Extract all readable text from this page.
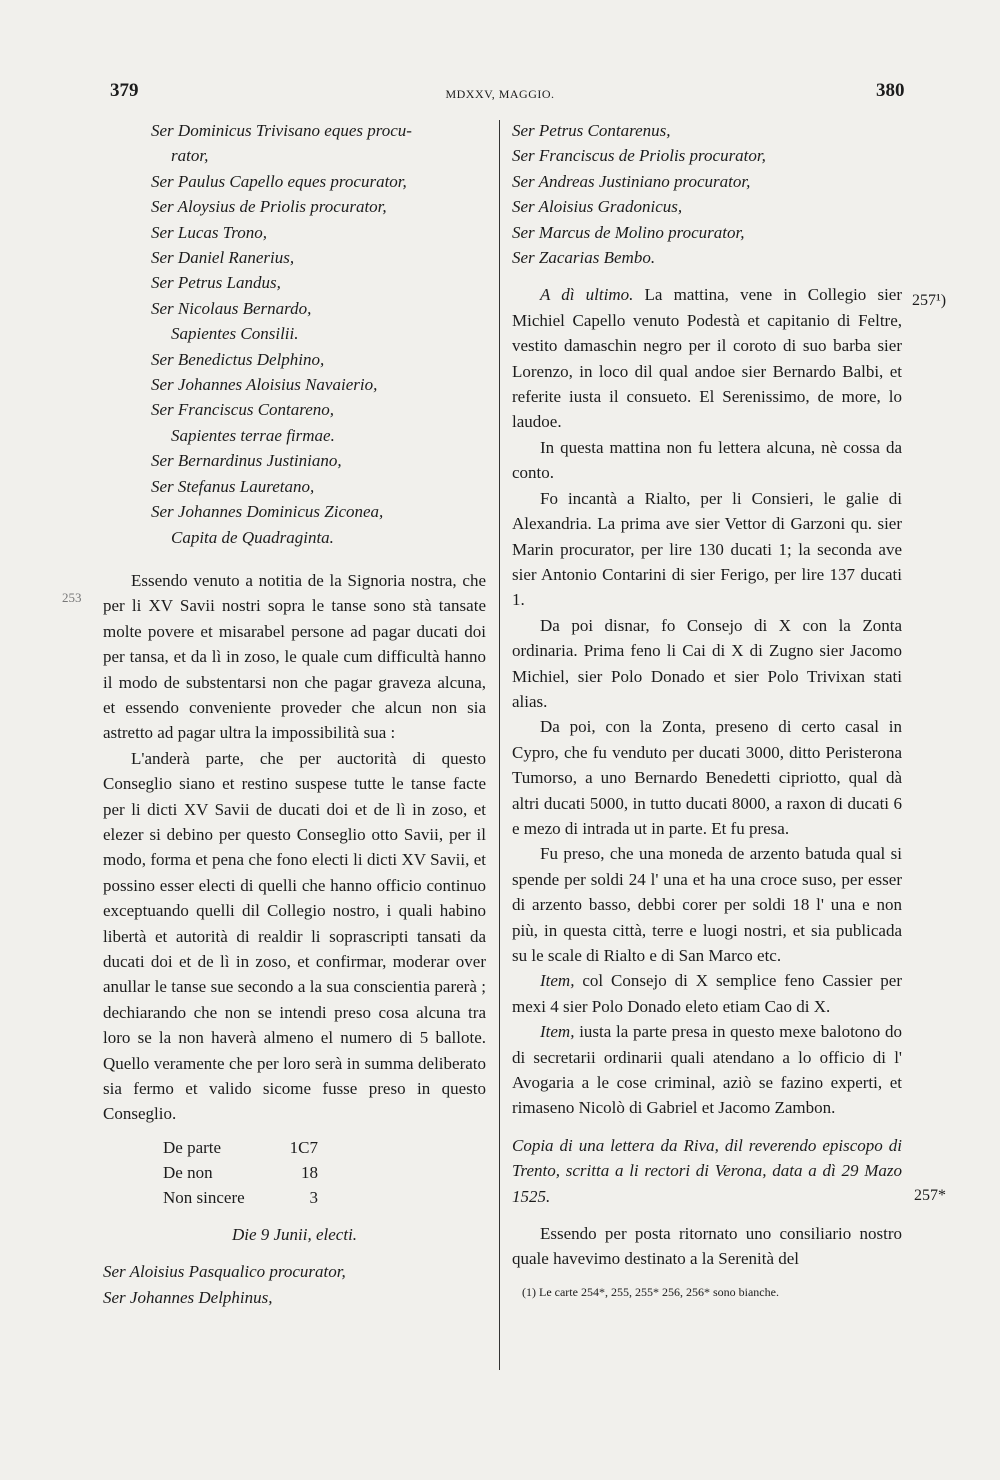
379	MDXXV, MAGGIO.	380
Ser Dominicus Trivisano eques procu-
rator,
Ser Paulus Capello eques procurator,
Ser Aloysius de Priolis procurator,
Ser Lucas Trono,
Ser Daniel Ranerius,
Ser Petrus Landus,
Ser Nicolaus Bernardo,
Sapientes Consilii.
Ser Benedictus Delphino,
Ser Johannes Aloisius Navaierio,
Ser Franciscus Contareno,
Sapientes terrae firmae.
Ser Bernardinus Justiniano,
Ser Stefanus Lauretano,
Ser Johannes Dominicus Ziconea,
Capita de Quadraginta.

Essendo venuto a notitia de la Signoria nostra, che per li XV Savii nostri sopra le tanse sono stà tansate molte povere et misarabel persone ad pagar ducati doi per tansa, et da lì in zoso, le quale cum difficultà hanno il modo de substentarsi non che pagar graveza alcuna, et essendo conveniente proveder che alcun non sia astretto ad pagar ultra la impossibilità sua :

L'anderà parte, che per auctorità di questo Conseglio siano et restino suspese tutte le tanse facte per li dicti XV Savii de ducati doi et de lì in zoso, et elezer si debino per questo Conseglio otto Savii, per il modo, forma et pena che fono electi li dicti XV Savii, et possino esser electi di quelli che hanno officio continuo exceptuando quelli dil Collegio nostro, i quali habino libertà et autorità di realdir li soprascripti tansati da ducati doi et de lì in zoso, et confirmar, moderar over anullar le tanse sue secondo a la sua conscientia parerà ; dechiarando che non se intendi preso cosa alcuna tra loro se la non haverà almeno el numero di 5 ballote. Quello veramente che per loro serà in summa deliberato sia fermo et valido sicome fusse preso in questo Conseglio.

De parte	1C7
De non	18
Non sincere	3
Die 9 Junii, electi.
Ser Aloisius Pasqualico procurator,
Ser Johannes Delphinus,
253
Ser Petrus Contarenus,
Ser Franciscus de Priolis procurator,
Ser Andreas Justiniano procurator,
Ser Aloisius Gradonicus,
Ser Marcus de Molino procurator,
Ser Zacarias Bembo.

A dì ultimo. La mattina, vene in Collegio sier Michiel Capello venuto Podestà et capitanio di Feltre, vestito damaschin negro per il coroto di suo barba sier Lorenzo, in loco dil qual andoe sier Bernardo Balbi, et referite iusta il consueto. El Serenissimo, de more, lo laudoe.

In questa mattina non fu lettera alcuna, nè cossa da conto.

Fo incantà a Rialto, per li Consieri, le galie di Alexandria. La prima ave sier Vettor di Garzoni qu. sier Marin procurator, per lire 130 ducati 1; la seconda ave sier Antonio Contarini di sier Ferigo, per lire 137 ducati 1.

Da poi disnar, fo Consejo di X con la Zonta ordinaria. Prima feno li Cai di X di Zugno sier Jacomo Michiel, sier Polo Donado et sier Polo Trivixan stati alias.

Da poi, con la Zonta, preseno di certo casal in Cypro, che fu venduto per ducati 3000, ditto Peristerona Tumorso, a uno Bernardo Benedetti cipriotto, qual dà altri ducati 5000, in tutto ducati 8000, a raxon di ducati 6 e mezo di intrada ut in parte. Et fu presa.

Fu preso, che una moneda de arzento batuda qual si spende per soldi 24 l' una et ha una croce suso, per esser di arzento basso, debbi corer per soldi 18 l' una e non più, in questa città, terre e luogi nostri, et sia publicada su le scale di Rialto e di San Marco etc.

Item, col Consejo di X semplice feno Cassier per mexi 4 sier Polo Donado eleto etiam Cao di X.

Item, iusta la parte presa in questo mexe balotono do di secretarii ordinarii quali atendano a lo officio di l' Avogaria a le cose criminal, aziò se fazino experti, et rimaseno Nicolò di Gabriel et Jacomo Zambon.

Copia di una lettera da Riva, dil reverendo episcopo di Trento, scritta a li rectori di Verona, data a dì 29 Mazo 1525.

Essendo per posta ritornato uno consiliario nostro quale havevimo destinato a la Serenità del

(1) Le carte 254*, 255, 255* 256, 256* sono bianche.
257¹)
257*
